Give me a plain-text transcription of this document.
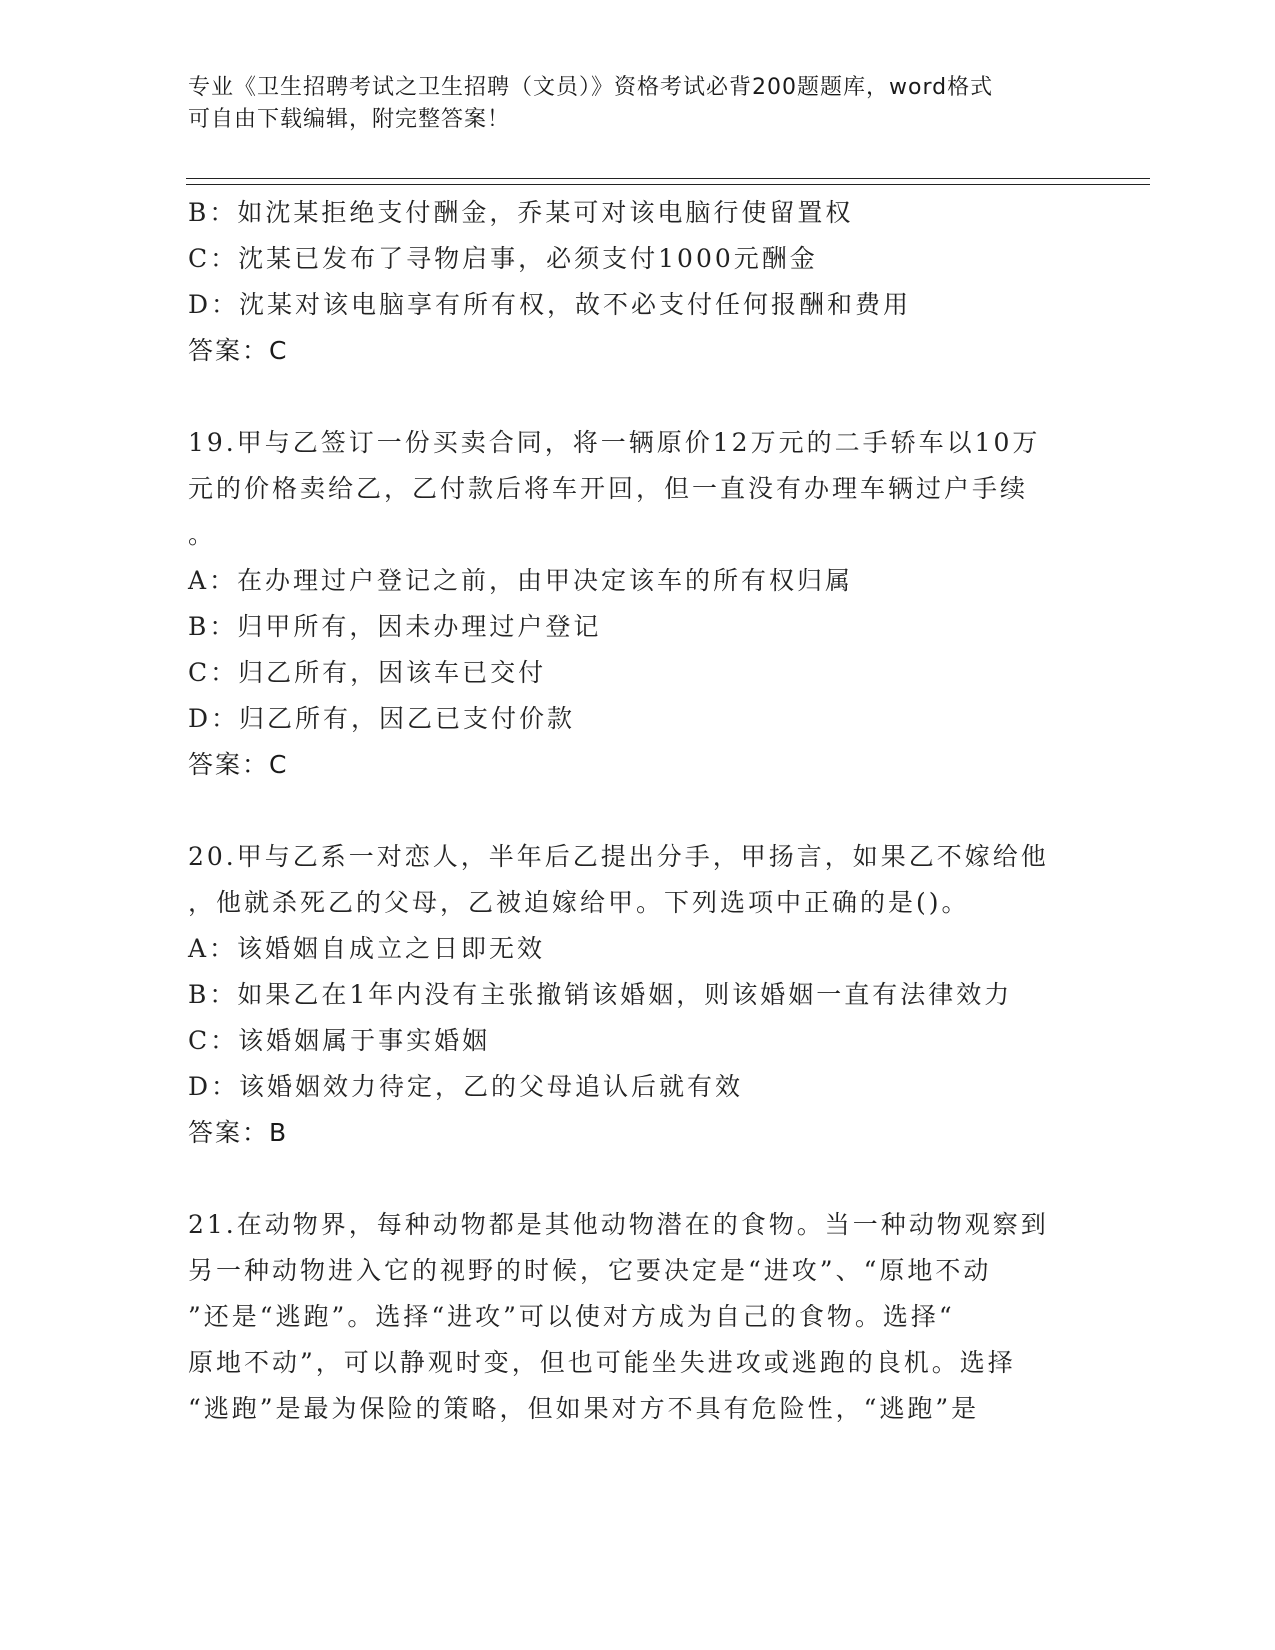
专业《卫生招聘考试之卫生招聘（文员）》资格考试必背200题题库，word格式
可自由下载编辑，附完整答案！
B：如沈某拒绝支付酬金，乔某可对该电脑行使留置权
C：沈某已发布了寻物启事，必须支付1000元酬金
D：沈某对该电脑享有所有权，故不必支付任何报酬和费用
答案：C
19.甲与乙签订一份买卖合同，将一辆原价12万元的二手轿车以10万
元的价格卖给乙，乙付款后将车开回，但一直没有办理车辆过户手续
。
A：在办理过户登记之前，由甲决定该车的所有权归属
B：归甲所有，因未办理过户登记
C：归乙所有，因该车已交付
D：归乙所有，因乙已支付价款
答案：C
20.甲与乙系一对恋人，半年后乙提出分手，甲扬言，如果乙不嫁给他
，他就杀死乙的父母，乙被迫嫁给甲。下列选项中正确的是()。
A：该婚姻自成立之日即无效
B：如果乙在1年内没有主张撤销该婚姻，则该婚姻一直有法律效力
C：该婚姻属于事实婚姻
D：该婚姻效力待定，乙的父母追认后就有效
答案：B
21.在动物界，每种动物都是其他动物潜在的食物。当一种动物观察到
另一种动物进入它的视野的时候，它要决定是“进攻”、“原地不动
”还是“逃跑”。选择“进攻”可以使对方成为自己的食物。选择“
原地不动”，可以静观时变，但也可能坐失进攻或逃跑的良机。选择
“逃跑”是最为保险的策略，但如果对方不具有危险性，“逃跑”是
